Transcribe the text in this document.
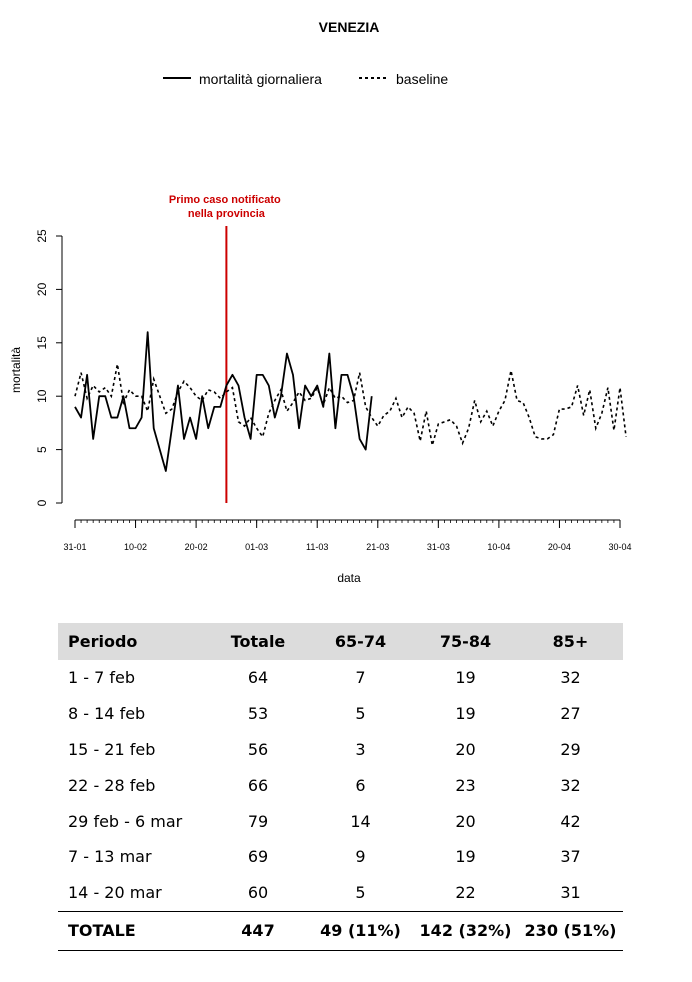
VENEZIA
mortalità giornaliera	baseline
0
5
10
15
20
25
31-01	10-02	20-02	01-03	11-03	21-03	31-03	10-04	20-04	30-04
mortalità
data
Primo caso notificato nella provincia
Periodo	Totale	65-74	75-84	85+
1 - 7 feb	64	7	19	32
8 - 14 feb	53	5	19	27
15 - 21 feb	56	3	20	29
22 - 28 feb	66	6	23	32
29 feb - 6 mar	79	14	20	42
7 - 13 mar	69	9	19	37
14 - 20 mar	60	5	22	31
TOTALE	447	49 (11%)	142 (32%)	230 (51%)
